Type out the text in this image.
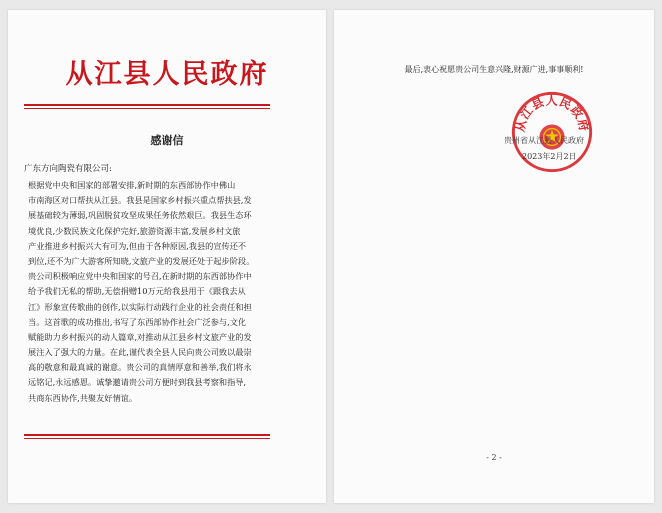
从江县人民政府
感谢信
广东方向陶瓷有限公司:
根据党中央和国家的部署安排,新时期的东西部协作中佛山
市南海区对口帮扶从江县。我县是国家乡村振兴重点帮扶县,发
展基础较为薄弱,巩固脱贫攻坚成果任务依然艰巨。我县生态环
境优良,少数民族文化保护完好,旅游资源丰富,发展乡村文旅
产业推进乡村振兴大有可为,但由于各种原因,我县的宣传还不
到位,还不为广大游客所知晓,文旅产业的发展还处于起步阶段。
贵公司积极响应党中央和国家的号召,在新时期的东西部协作中
给予我们无私的帮助,无偿捐赠10万元给我县用于《跟我去从
江》形象宣传歌曲的创作,以实际行动践行企业的社会责任和担
当。这首歌的成功推出,书写了东西部协作社会广泛参与,文化
赋能助力乡村振兴的动人篇章,对推动从江县乡村文旅产业的发
展注入了强大的力量。在此,谨代表全县人民向贵公司致以最崇
高的敬意和最真诚的谢意。贵公司的真情厚意和善举,我们将永
远铭记,永远感恩。诚挚邀请贵公司方便时到我县考察和指导,
共商东西协作,共聚友好情谊。
最后,衷心祝愿贵公司生意兴隆,财源广进,事事顺利!
从江县人民政府
贵州省从江县人民政府
2023年2月2日
- 2 -
